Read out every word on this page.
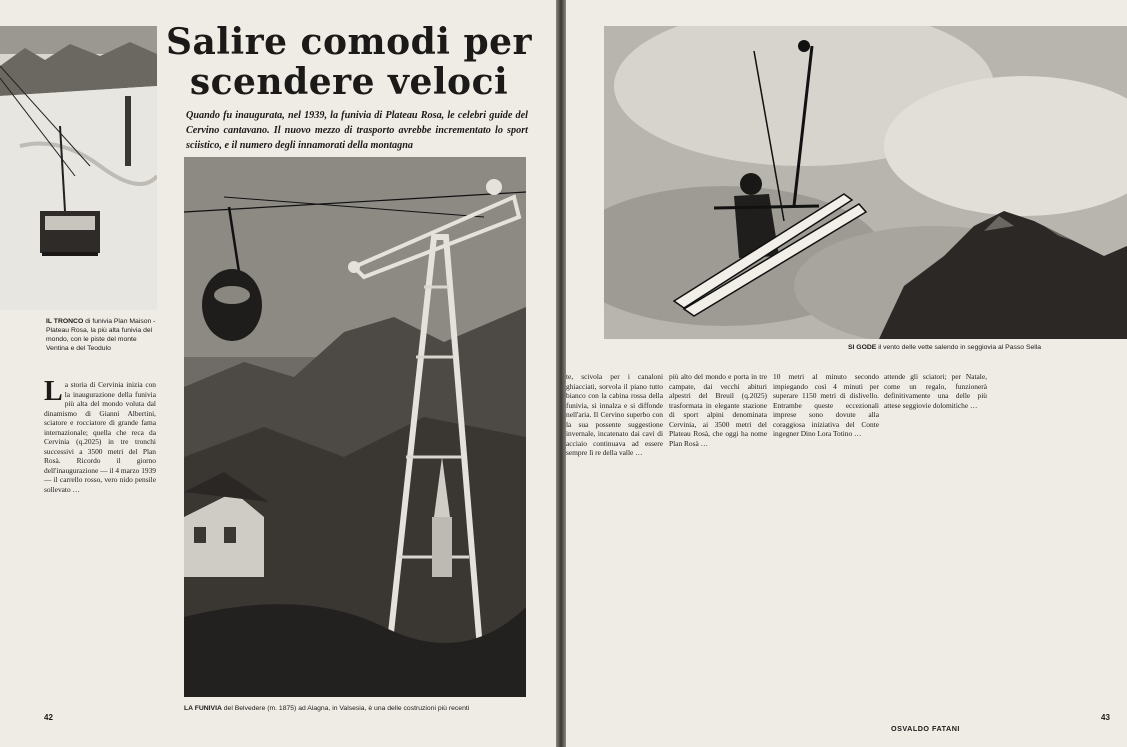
IL TRONCO di funivia Plan Maison - Plateau Rosa, la più alta funivia del mondo, con le piste del monte Ventina e del Teodulo
Salire comodi per
scendere veloci

Quando fu inaugurata, nel 1939, la funivia di Plateau Rosa, le celebri guide del Cervino cantavano. Il nuovo mezzo di trasporto avrebbe incrementato lo sport sciistico, e il numero degli innamorati della montagna

LA FUNIVIA del Belvedere (m. 1875) ad Alagna, in Valsesia, è una delle costruzioni più recenti
L a storia di Cervinia inizia con la inaugurazione della funivia più alta del mondo voluta dal dinamismo di Gianni Albertini, sciatore e rocciatore di grande fama internazionale; quella che reca da Cervinia (q.2025) in tre tronchi successivi a 3500 metri del Plan Rosà. Ricordo il giorno dell'inaugurazione — il 4 marzo 1939 — il carrello rosso, vero nido pensile sollevato …
42
SI GODE il vento delle vette salendo in seggiovia al Passo Sella
te, scivola per i canaloni ghiacciati, sorvola il piano tutto bianco con la cabina rossa della funivia, si innalza e si diffonde nell'aria. Il Cervino superbo con la sua possente suggestione invernale, incatenato dai cavi di acciaio continuava ad essere sempre lì re della valle …
più alto del mondo e porta in tre campate, dai vecchi abituri alpestri del Breuil (q.2025) trasformata in elegante stazione di sport alpini denominata Cervinia, ai 3500 metri del Plateau Rosà, che oggi ha nome Plan Rosà …
10 metri al minuto secondo impiegando così 4 minuti per superare 1150 metri di dislivello. Entrambe queste eccezionali imprese sono dovute alla coraggiosa iniziativa del Conte ingegner Dino Lora Totino …
attende gli sciatori; per Natale, come un regalo, funzionerà definitivamente una delle più attese seggiovie dolomitiche …
OSVALDO FATANI
43
